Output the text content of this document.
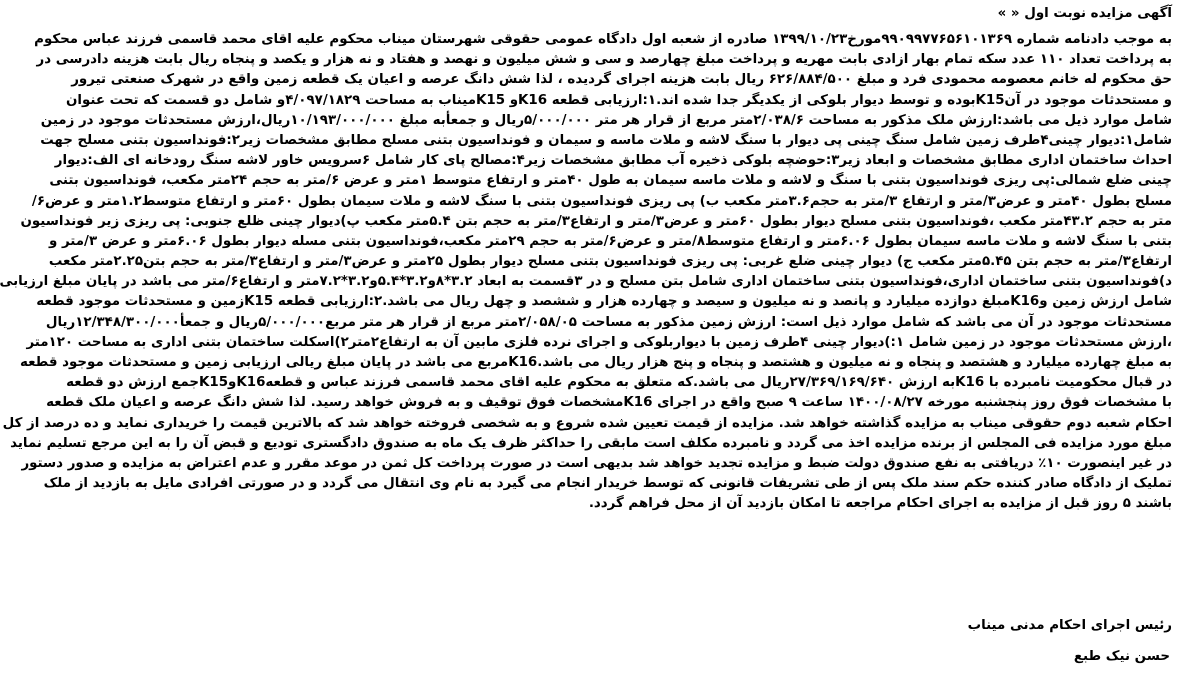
آگهی مزایده نوبت اول « »
به موجب دادنامه شماره ۹۹۰۹۹۷۷۶۵۶۱۰۱۳۶۹مورخ۱۳۹۹/۱۰/۲۳ صادره از شعبه اول دادگاه عمومی حقوقی شهرستان میناب محکوم علیه اقای محمد قاسمی فرزند عباس محکوم
به پرداخت تعداد ۱۱۰ عدد سکه تمام بهار ازادی بابت مهریه و پرداخت مبلغ چهارصد و سی و شش میلیون و نهصد و هفتاد و نه هزار و یکصد و پنجاه ریال بابت هزینه دادرسی در
حق محکوم له خانم معصومه محمودی فرد و مبلغ ۶۲۶/۸۸۴/۵۰۰ ریال بابت هزینه اجرای گردیده ، لذا شش دانگ عرصه و اعیان یک قطعه زمین واقع در شهرک صنعتی تیرور
و مستحدثات موجود در آنK15بوده و توسط دیوار بلوکی از یکدیگر جدا شده اند.۱:ارزیابی قطعه K16و K15میناب به مساحت ۴/۰۹۷/۱۸۲۹و شامل دو قسمت که تحت عنوان
شامل موارد ذیل می باشد:ارزش ملک مذکور به مساحت ۲/۰۳۸/۶متر مربع از قرار هر متر ۵/۰۰۰/۰۰۰ریال و جمعأبه مبلغ ۱۰/۱۹۳/۰۰۰/۰۰۰ریال،ارزش مستحدثات موجود در زمین
شامل۱:دیوار چینی۴طرف زمین شامل سنگ چینی پی دیوار با سنگ لاشه و ملات ماسه و سیمان و فونداسیون بتنی مسلح مطابق مشخصات زیر۲:فونداسیون بتنی مسلح جهت
احداث ساختمان اداری مطابق مشخصات و ابعاد زیر۳:حوضچه بلوکی ذخیره آب مطابق مشخصات زیر۴:مصالح پای کار شامل ۶سرویس خاور لاشه سنگ رودخانه ای الف:دیوار
چینی ضلع شمالی:پی ریزی فونداسیون بتنی با سنگ و لاشه و ملات ماسه سیمان به طول ۴۰متر و ارتفاع متوسط ۱متر و عرض ۶/متر به حجم ۲۴متر مکعب، فونداسیون بتنی
مسلح بطول ۴۰متر و عرض۳/متر و ارتفاع ۳/متر به حجم۳.۶متر مکعب ب) پی ریزی فونداسیون بتنی با سنگ لاشه و ملات سیمان بطول ۶۰متر و ارتفاع متوسط۱.۲متر و عرض۶/
متر به حجم ۴۳.۲متر مکعب ،فونداسیون بتنی مسلح دیوار بطول ۶۰متر و عرض۳/متر و ارتفاع۳/متر به حجم بتن ۵.۴متر مکعب پ)دیوار چینی ظلع جنوبی: پی ریزی زیر فونداسیون
بتنی با سنگ لاشه و ملات ماسه سیمان بطول ۶.۰۶متر و ارتفاع متوسط۸/متر و عرض۶/متر به حجم ۲۹متر مکعب،فونداسیون بتنی مسله دیوار بطول ۶.۰۶متر و عرض ۳/متر و
ارتفاع۳/متر به حجم بتن ۵.۴۵متر مکعب ج) دیوار چینی ضلع غربی: پی ریزی فونداسیون بتنی مسلح دیوار بطول ۲۵متر و عرض۳/متر و ارتفاع۳/متر به حجم بتن۲.۲۵متر مکعب
د)فونداسیون بتنی ساختمان اداری،فونداسیون بتنی ساختمان اداری شامل بتن مسلح و در ۳قسمت به ابعاد ۳.۲*۸و۳.۲*۵.۴و۳.۲*۷.۲متر و ارتفاع۶/متر می باشد در پایان مبلغ ارزیابی
شامل ارزش زمین وK16مبلغ دوازده میلیارد و پانصد و نه میلیون و سیصد و چهارده هزار و ششصد و چهل ریال می باشد.۲:ارزیابی قطعه K15زمین و مستحدثات موجود قطعه
مستحدثات موجود در آن می باشد که شامل موارد ذیل است: ارزش زمین مذکور به مساحت ۲/۰۵۸/۰۵متر مربع از قرار هر متر مربع۵/۰۰۰/۰۰۰ریال و جمعأ۱۲/۳۴۸/۳۰۰/۰۰۰ریال
،ارزش مستحدثات موجود در زمین شامل ۱:)دیوار چینی ۴طرف زمین با دیواربلوکی و اجرای نرده فلزی مابین آن به ارتفاع۲متر۲)اسکلت ساختمان بتنی اداری به مساحت ۱۲۰متر
به مبلغ چهارده میلیارد و هشتصد و پنجاه و نه میلیون و هشتصد و پنجاه و پنج هزار ریال می باشد.K16مربع می باشد در پایان مبلغ ریالی ارزیابی زمین و مستحدثات موجود قطعه
در قبال محکومیت نامبرده با K16به ارزش ۲۷/۳۶۹/۱۶۹/۶۴۰ریال می باشد.که متعلق به محکوم علیه اقای محمد قاسمی فرزند عباس و قطعهK16وK15جمع ارزش دو قطعه
با مشخصات فوق روز پنجشنبه مورخه ۱۴۰۰/۰۸/۲۷ ساعت ۹ صبح واقع در اجرای K16مشخصات فوق توقیف و به فروش خواهد رسید. لذا شش دانگ عرصه و اعیان ملک قطعه
احکام شعبه دوم حقوقی میناب به مزایده گذاشته خواهد شد. مزایده از قیمت تعیین شده شروع و به شخصی فروخته خواهد شد که بالاترین قیمت را خریداری نماید و ده درصد از کل
مبلغ مورد مزایده فی المجلس از برنده مزایده اخذ می گردد و نامبرده مکلف است مابقی را حداکثر ظرف یک ماه به صندوق دادگستری تودیع و قبض آن را به این مرجع تسلیم نماید
در غیر اینصورت ۱۰٪ دریافتی به نفع صندوق دولت ضبط و مزایده تجدید خواهد شد بدیهی است در صورت پرداخت کل ثمن در موعد مقرر و عدم اعتراض به مزایده و صدور دستور
تملیک از دادگاه صادر کننده حکم سند ملک پس از طی تشریفات قانونی که توسط خریدار انجام می گیرد به نام وی انتقال می گردد و در صورتی افرادی مایل به بازدید از ملک
باشند ۵ روز قبل از مزایده به اجرای احکام مراجعه تا امکان بازدید آن از محل فراهم گردد.
رئیس اجرای احکام مدنی میناب
حسن نیک طبع
